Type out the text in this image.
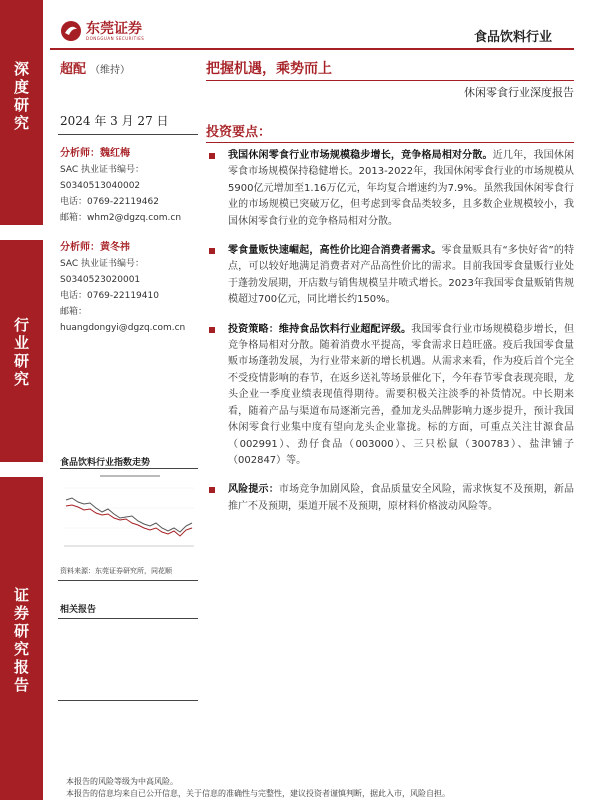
深
度
研
究
行
业
研
究
证
券
研
究
报
告
东莞证券
DONGGUAN SECURITIES	食品饮料行业
超配 （维持）	把握机遇，乘势而上
休闲零食行业深度报告
2024 年 3 月 27 日
分析师：魏红梅
SAC 执业证书编号：
S0340513040002
电话：0769-22119462
邮箱：whm2@dgzq.com.cn
分析师：黄冬祎
SAC 执业证书编号：
S0340523020001
电话：0769-22119410
邮箱：
huangdongyi@dgzq.com.cn
食品饮料行业指数走势
资料来源：东莞证券研究所，同花顺
相关报告
投资要点：
我国休闲零食行业市场规模稳步增长，竞争格局相对分散。近几年，我国休闲零食市场规模保持稳健增长。2013-2022年，我国休闲零食行业的市场规模从5900亿元增加至1.16万亿元，年均复合增速约为7.9%。虽然我国休闲零食行业的市场规模已突破万亿，但考虑到零食品类较多，且多数企业规模较小，我国休闲零食行业的竞争格局相对分散。
零食量贩快速崛起，高性价比迎合消费者需求。零食量贩具有“多快好省”的特点，可以较好地满足消费者对产品高性价比的需求。目前我国零食量贩行业处于蓬勃发展期，开店数与销售规模呈井喷式增长。2023年我国零食量贩销售规模超过700亿元，同比增长约150%。
投资策略：维持食品饮料行业超配评级。我国零食行业市场规模稳步增长，但竞争格局相对分散。随着消费水平提高，零食需求日趋旺盛。疫后我国零食量贩市场蓬勃发展，为行业带来新的增长机遇。从需求来看，作为疫后首个完全不受疫情影响的春节，在返乡送礼等场景催化下，今年春节零食表现亮眼，龙头企业一季度业绩表现值得期待。需要积极关注淡季的补货情况。中长期来看，随着产品与渠道布局逐渐完善，叠加龙头品牌影响力逐步提升，预计我国休闲零食行业集中度有望向龙头企业靠拢。标的方面，可重点关注甘源食品（002991）、劲仔食品（003000）、三只松鼠（300783）、盐津铺子（002847）等。
风险提示：市场竞争加剧风险，食品质量安全风险，需求恢复不及预期，新品推广不及预期，渠道开展不及预期，原材料价格波动风险等。
本报告的风险等级为中高风险。
本报告的信息均来自已公开信息，关于信息的准确性与完整性，建议投资者谨慎判断，据此入市，风险自担。
